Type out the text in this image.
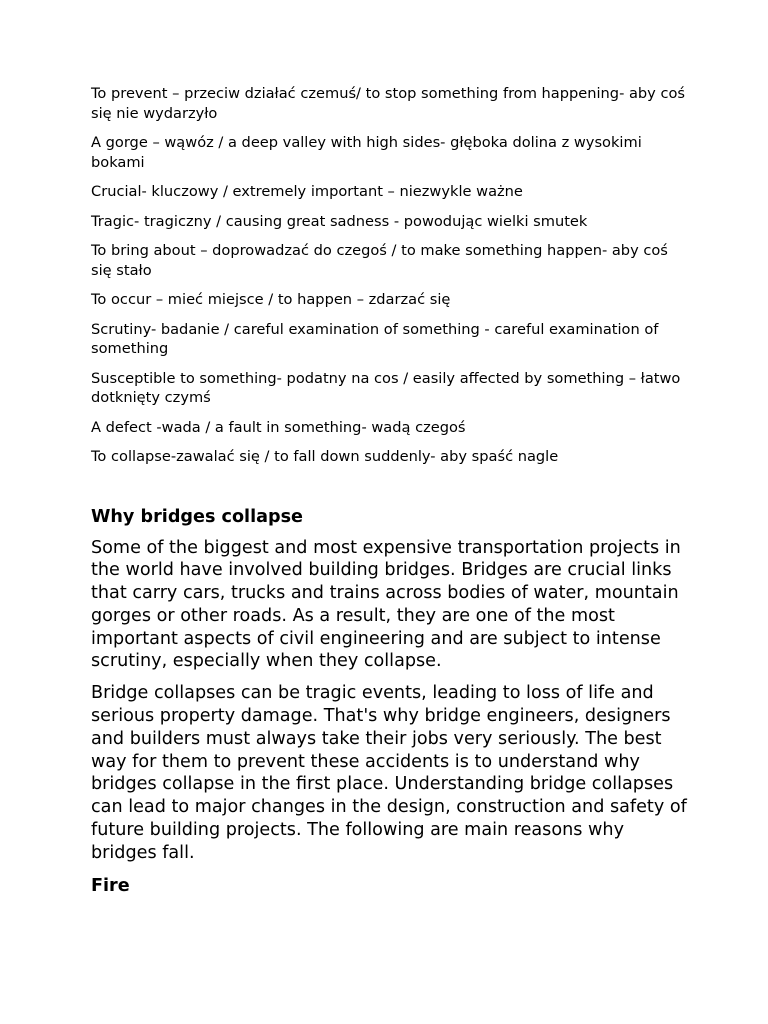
To prevent – przeciw działać czemuś/ to stop something from happening- aby coś się nie wydarzyło
A gorge – wąwóz / a deep valley with high sides- głęboka dolina z wysokimi bokami
Crucial- kluczowy / extremely important – niezwykle ważne
Tragic- tragiczny / causing great sadness - powodując wielki smutek
To bring about – doprowadzać do czegoś / to make something happen- aby coś się stało
To occur – mieć miejsce / to happen – zdarzać się
Scrutiny- badanie / careful examination of something - careful examination of something
Susceptible to something- podatny na cos / easily affected by something – łatwo dotknięty czymś
A defect -wada / a fault in something- wadą czegoś
To collapse-zawalać się / to fall down suddenly- aby spaść nagle
Why bridges collapse

Some of the biggest and most expensive transportation projects in the world have involved building bridges. Bridges are crucial links that carry cars, trucks and trains across bodies of water, mountain gorges or other roads. As a result, they are one of the most important aspects of civil engineering and are subject to intense scrutiny, especially when they collapse.

Bridge collapses can be tragic events, leading to loss of life and serious property damage. That's why bridge engineers, designers and builders must always take their jobs very seriously. The best way for them to prevent these accidents is to understand why bridges collapse in the first place. Understanding bridge collapses can lead to major changes in the design, construction and safety of future building projects. The following are main reasons why bridges fall.

Fire
